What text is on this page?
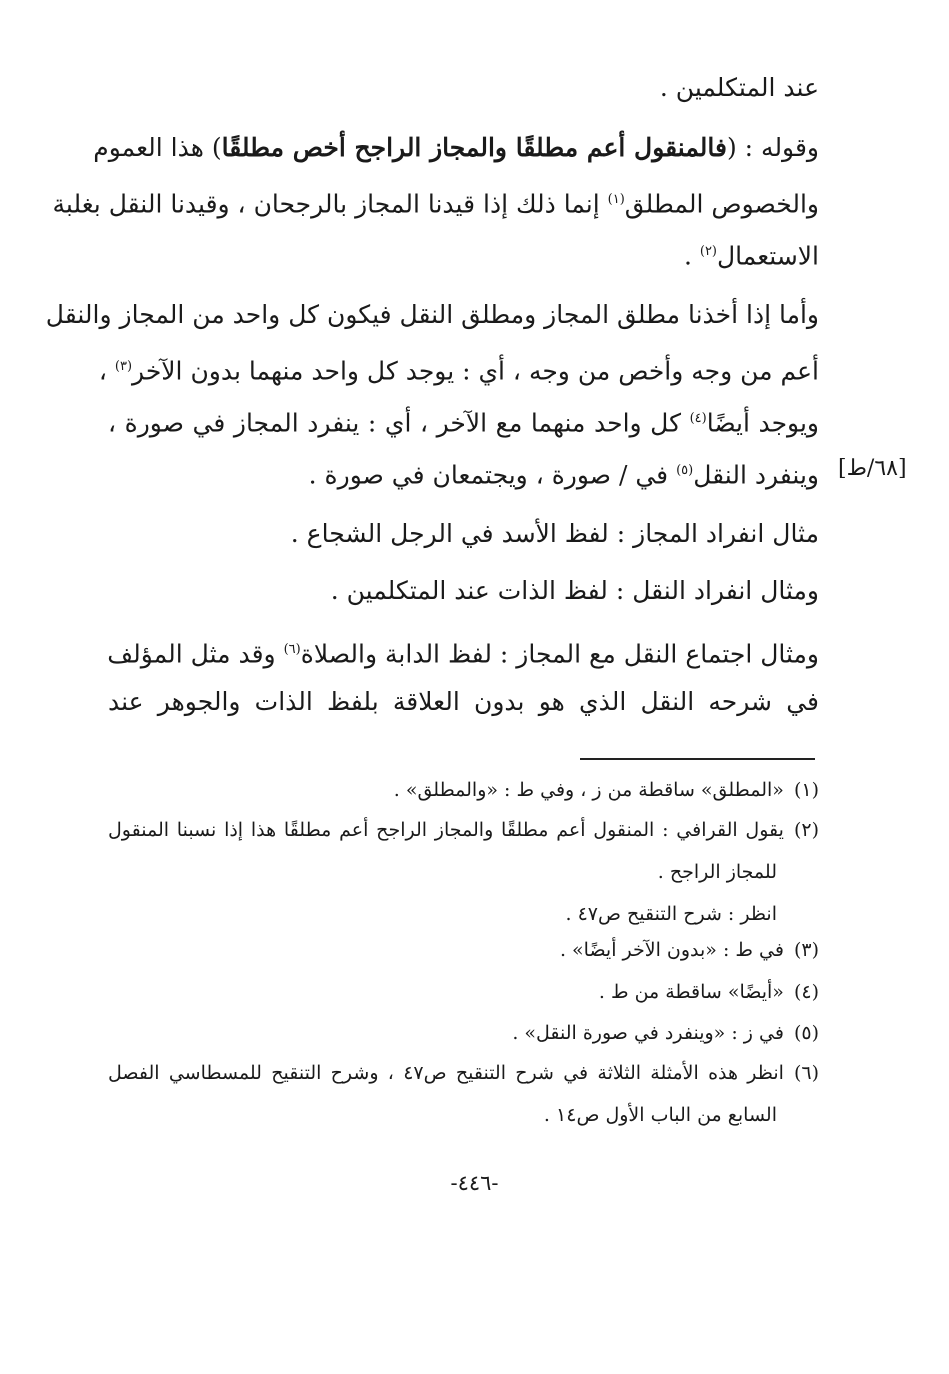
عند المتكلمين .
وقوله : (فالمنقول أعم مطلقًا والمجاز الراجح أخص مطلقًا) هذا العموم
والخصوص المطلق$^{(١)}$ إنما ذلك إذا قيدنا المجاز بالرجحان ، وقيدنا النقل بغلبة
الاستعمال$^{(٢)}$ .
وأما إذا أخذنا مطلق المجاز ومطلق النقل فيكون كل واحد من المجاز والنقل
أعم من وجه وأخص من وجه ، أي : يوجد كل واحد منهما بدون الآخر$^{(٣)}$ ،
ويوجد أيضًا$^{(٤)}$ كل واحد منهما مع الآخر ، أي : ينفرد المجاز في صورة ،
وينفرد النقل$^{(٥)}$ في / صورة ، ويجتمعان في صورة .	[٦٨/ط]
مثال انفراد المجاز : لفظ الأسد في الرجل الشجاع .
ومثال انفراد النقل : لفظ الذات عند المتكلمين .
ومثال اجتماع النقل مع المجاز : لفظ الدابة والصلاة$^{(٦)}$ وقد مثل المؤلف
في شرحه النقل الذي هو بدون العلاقة بلفظ الذات والجوهر عند
(١)«المطلق» ساقطة من ز ، وفي ط : «والمطلق» .
(٢)يقول القرافي : المنقول أعم مطلقًا والمجاز الراجح أعم مطلقًا هذا إذا نسبنا المنقول
للمجاز الراجح .
انظر : شرح التنقيح ص٤٧ .
(٣)في ط : «بدون الآخر أيضًا» .
(٤)«أيضًا» ساقطة من ط .
(٥)في ز : «وينفرد في صورة النقل» .
(٦)انظر هذه الأمثلة الثلاثة في شرح التنقيح ص٤٧ ، وشرح التنقيح للمسطاسي الفصل
السابع من الباب الأول ص١٤ .
-٤٤٦-
